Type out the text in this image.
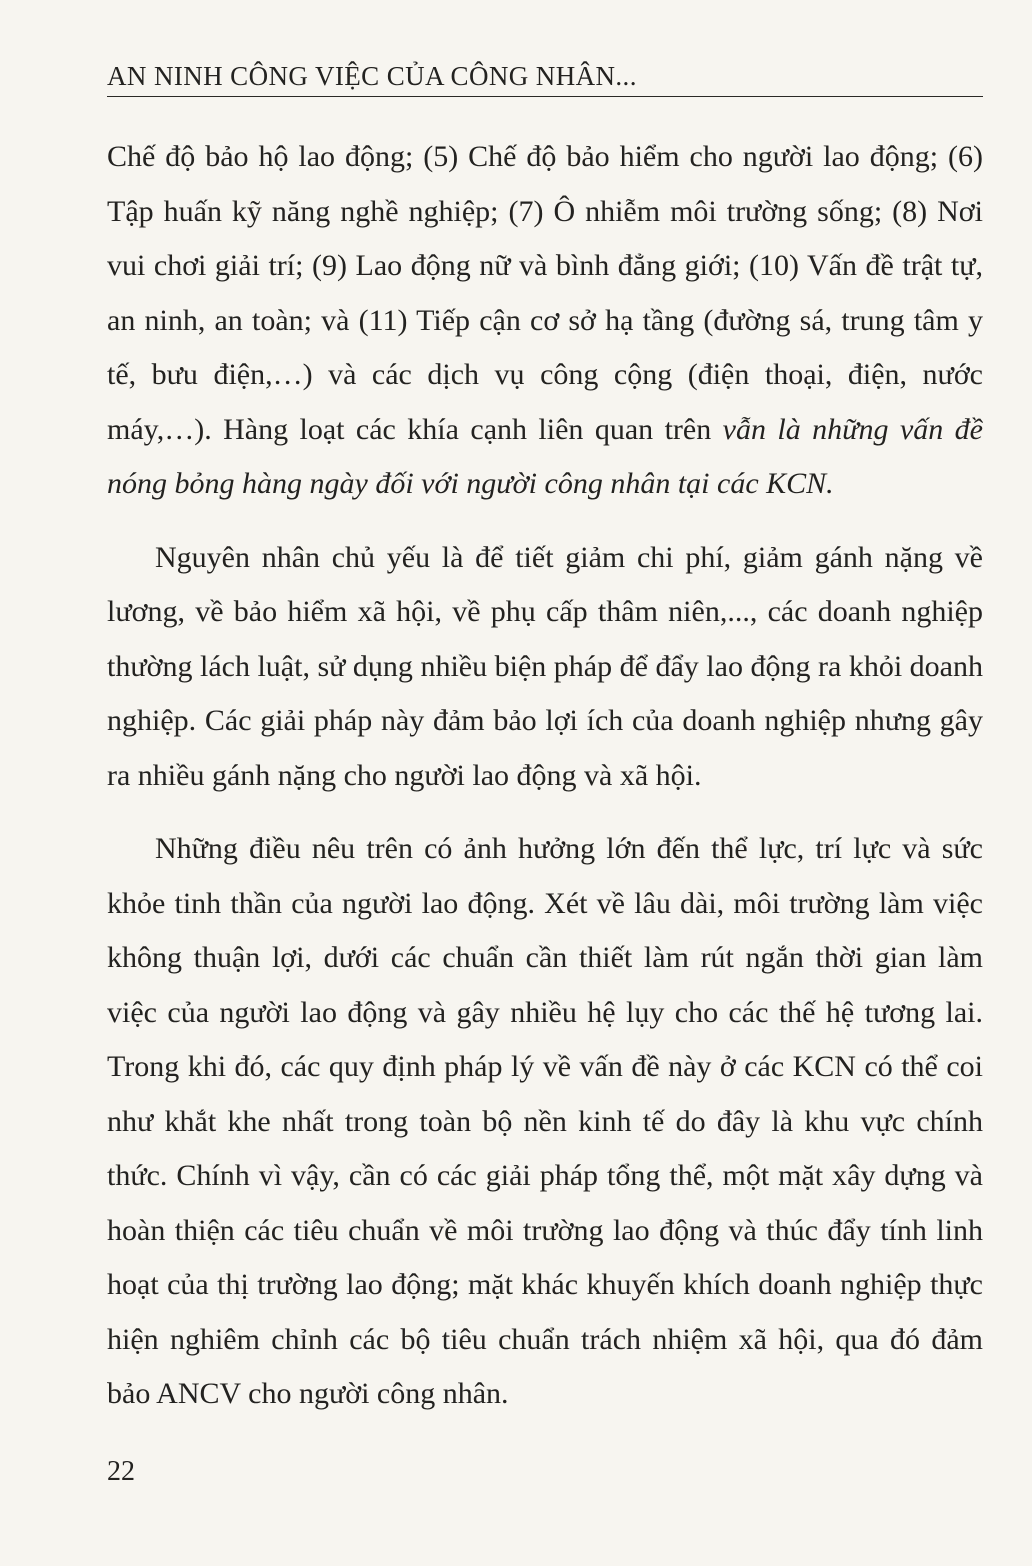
AN NINH CÔNG VIỆC CỦA CÔNG NHÂN...

Chế độ bảo hộ lao động; (5) Chế độ bảo hiểm cho người lao động; (6) Tập huấn kỹ năng nghề nghiệp; (7) Ô nhiễm môi trường sống; (8) Nơi vui chơi giải trí; (9) Lao động nữ và bình đẳng giới; (10) Vấn đề trật tự, an ninh, an toàn; và (11) Tiếp cận cơ sở hạ tầng (đường sá, trung tâm y tế, bưu điện,…) và các dịch vụ công cộng (điện thoại, điện, nước máy,…). Hàng loạt các khía cạnh liên quan trên vẫn là những vấn đề nóng bỏng hàng ngày đối với người công nhân tại các KCN.

Nguyên nhân chủ yếu là để tiết giảm chi phí, giảm gánh nặng về lương, về bảo hiểm xã hội, về phụ cấp thâm niên,..., các doanh nghiệp thường lách luật, sử dụng nhiều biện pháp để đẩy lao động ra khỏi doanh nghiệp. Các giải pháp này đảm bảo lợi ích của doanh nghiệp nhưng gây ra nhiều gánh nặng cho người lao động và xã hội.

Những điều nêu trên có ảnh hưởng lớn đến thể lực, trí lực và sức khỏe tinh thần của người lao động. Xét về lâu dài, môi trường làm việc không thuận lợi, dưới các chuẩn cần thiết làm rút ngắn thời gian làm việc của người lao động và gây nhiều hệ lụy cho các thế hệ tương lai. Trong khi đó, các quy định pháp lý về vấn đề này ở các KCN có thể coi như khắt khe nhất trong toàn bộ nền kinh tế do đây là khu vực chính thức. Chính vì vậy, cần có các giải pháp tổng thể, một mặt xây dựng và hoàn thiện các tiêu chuẩn về môi trường lao động và thúc đẩy tính linh hoạt của thị trường lao động; mặt khác khuyến khích doanh nghiệp thực hiện nghiêm chỉnh các bộ tiêu chuẩn trách nhiệm xã hội, qua đó đảm bảo ANCV cho người công nhân.

22
